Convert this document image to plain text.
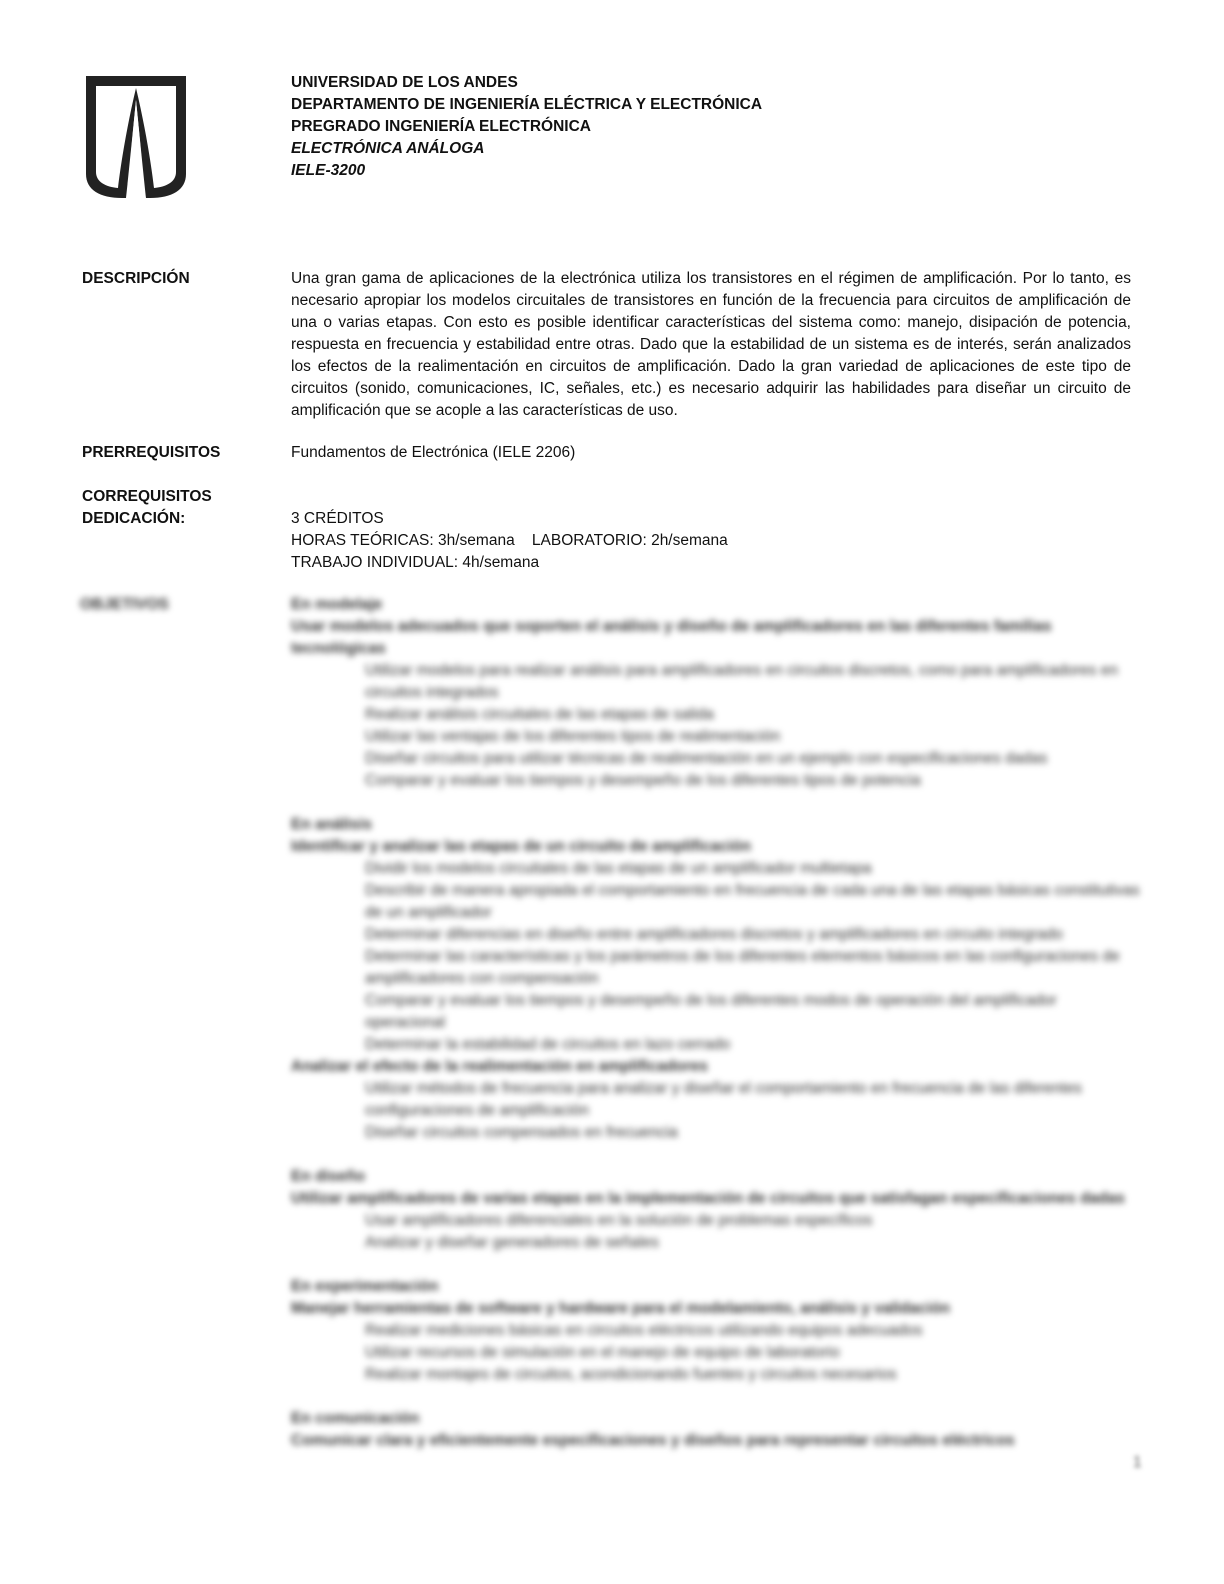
UNIVERSIDAD DE LOS ANDES
DEPARTAMENTO DE INGENIERÍA ELÉCTRICA Y ELECTRÓNICA
PREGRADO INGENIERÍA ELECTRÓNICA
ELECTRÓNICA ANÁLOGA
IELE-3200
DESCRIPCIÓN	Una gran gama de aplicaciones de la electrónica utiliza los transistores en el régimen de amplificación. Por lo tanto, es necesario apropiar los modelos circuitales de transistores en función de la frecuencia para circuitos de amplificación de una o varias etapas. Con esto es posible identificar características del sistema como: manejo, disipación de potencia, respuesta en frecuencia y estabilidad entre otras. Dado que la estabilidad de un sistema es de interés, serán analizados los efectos de la realimentación en circuitos de amplificación. Dado la gran variedad de aplicaciones de este tipo de circuitos (sonido, comunicaciones, IC, señales, etc.) es necesario adquirir las habilidades para diseñar un circuito de amplificación que se acople a las características de uso.
PRERREQUISITOS	Fundamentos de Electrónica (IELE 2206)
CORREQUISITOS
DEDICACIÓN:	3 CRÉDITOS
HORAS TEÓRICAS: 3h/semana LABORATORIO: 2h/semana
TRABAJO INDIVIDUAL: 4h/semana
OBJETIVOS	En modelaje
Usar modelos adecuados que soporten el análisis y diseño de amplificadores en las diferentes familias tecnológicas
Utilizar modelos para realizar análisis para amplificadores en circuitos discretos, como para amplificadores en circuitos integrados
Realizar análisis circuitales de las etapas de salida
Utilizar las ventajas de los diferentes tipos de realimentación
Diseñar circuitos para utilizar técnicas de realimentación en un ejemplo con especificaciones dadas
Comparar y evaluar los tiempos y desempeño de los diferentes tipos de potencia
En análisis
Identificar y analizar las etapas de un circuito de amplificación
Dividir los modelos circuitales de las etapas de un amplificador multietapa
Describir de manera apropiada el comportamiento en frecuencia de cada una de las etapas básicas constitutivas de un amplificador
Determinar diferencias en diseño entre amplificadores discretos y amplificadores en circuito integrado
Determinar las características y los parámetros de los diferentes elementos básicos en las configuraciones de amplificadores con compensación
Comparar y evaluar los tiempos y desempeño de los diferentes modos de operación del amplificador operacional
Determinar la estabilidad de circuitos en lazo cerrado
Analizar el efecto de la realimentación en amplificadores
Utilizar métodos de frecuencia para analizar y diseñar el comportamiento en frecuencia de las diferentes configuraciones de amplificación
Diseñar circuitos compensados en frecuencia
En diseño
Utilizar amplificadores de varias etapas en la implementación de circuitos que satisfagan especificaciones dadas
Usar amplificadores diferenciales en la solución de problemas específicos
Analizar y diseñar generadores de señales
En experimentación
Manejar herramientas de software y hardware para el modelamiento, análisis y validación
Realizar mediciones básicas en circuitos eléctricos utilizando equipos adecuados
Utilizar recursos de simulación en el manejo de equipo de laboratorio
Realizar montajes de circuitos, acondicionando fuentes y circuitos necesarios
En comunicación
Comunicar clara y eficientemente especificaciones y diseños para representar circuitos eléctricos
1
